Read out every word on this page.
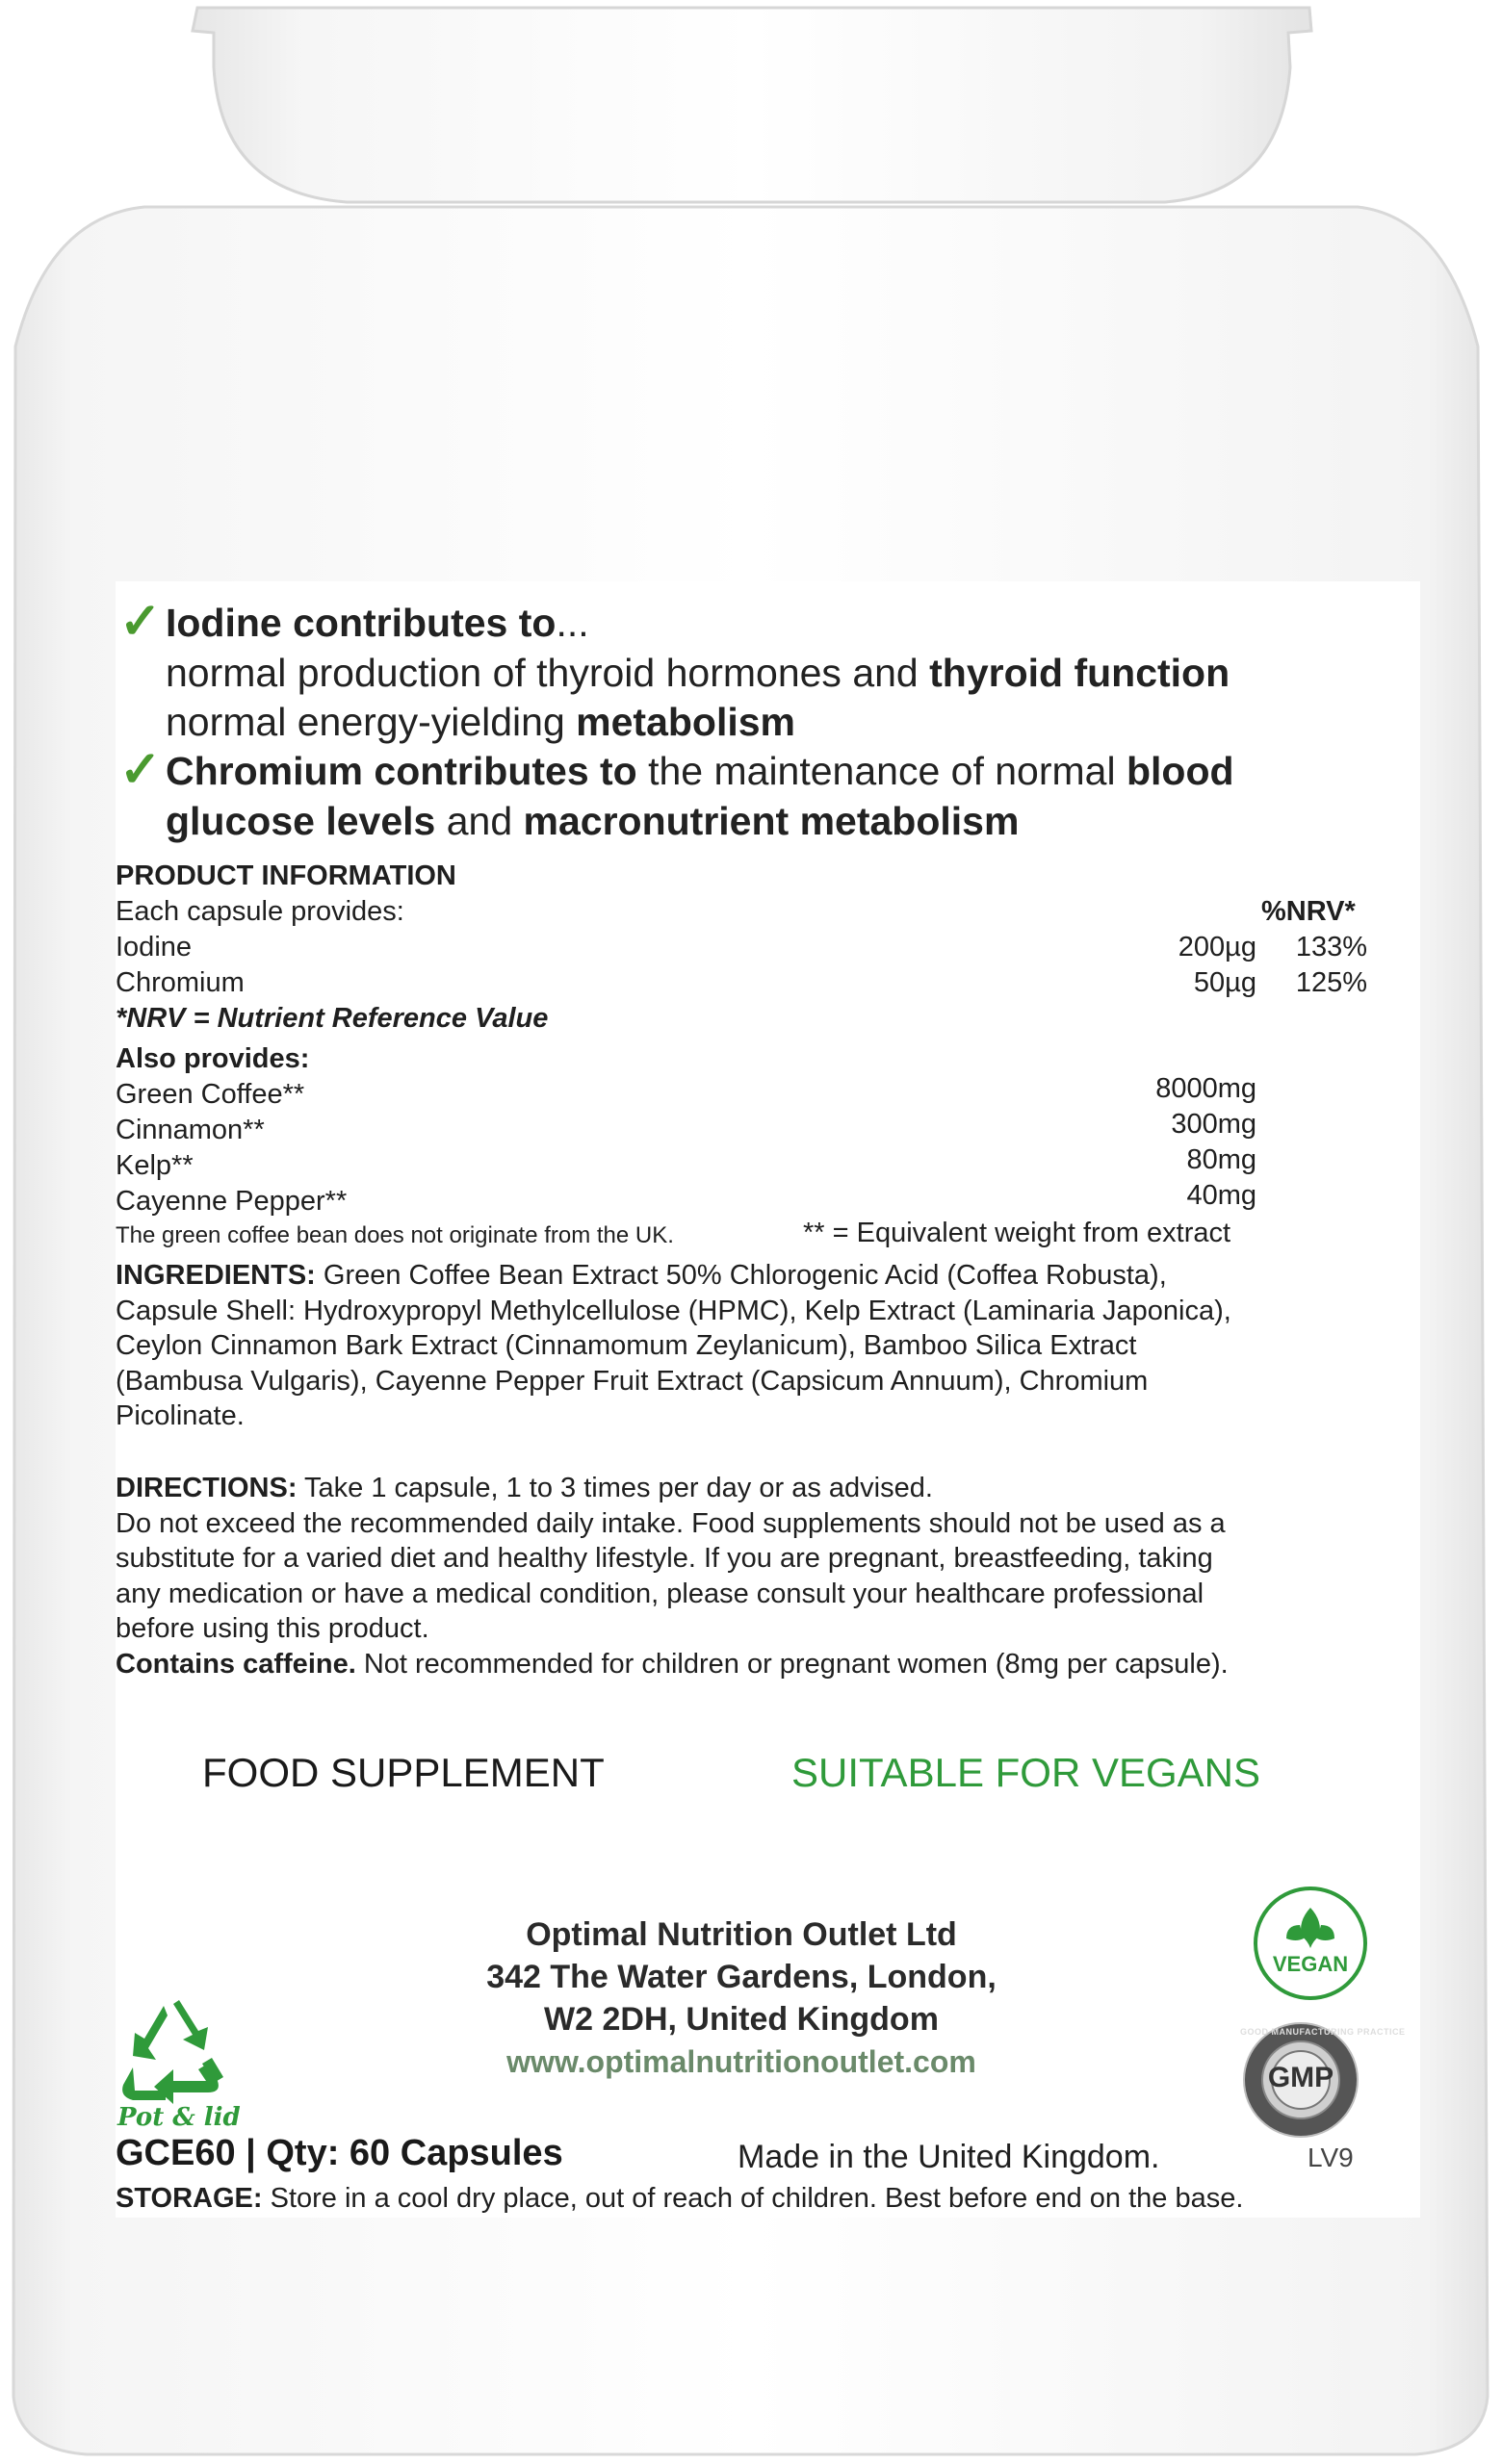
✓ Iodine contributes to...
normal production of thyroid hormones and thyroid function
normal energy-yielding metabolism
✓ Chromium contributes to the maintenance of normal blood
glucose levels and macronutrient metabolism
PRODUCT INFORMATION
Each capsule provides:	%NRV*
Iodine	200µg	133%
Chromium	50µg	125%
*NRV = Nutrient Reference Value
Also provides:
Green Coffee**	8000mg
Cinnamon**	300mg
Kelp**	80mg
Cayenne Pepper**	40mg
The green coffee bean does not originate from the UK.	** = Equivalent weight from extract
INGREDIENTS: Green Coffee Bean Extract 50% Chlorogenic Acid (Coffea Robusta),
Capsule Shell: Hydroxypropyl Methylcellulose (HPMC), Kelp Extract (Laminaria Japonica),
Ceylon Cinnamon Bark Extract (Cinnamomum Zeylanicum), Bamboo Silica Extract
(Bambusa Vulgaris), Cayenne Pepper Fruit Extract (Capsicum Annuum), Chromium
Picolinate.
DIRECTIONS: Take 1 capsule, 1 to 3 times per day or as advised.
Do not exceed the recommended daily intake. Food supplements should not be used as a
substitute for a varied diet and healthy lifestyle. If you are pregnant, breastfeeding, taking
any medication or have a medical condition, please consult your healthcare professional
before using this product.
Contains caffeine. Not recommended for children or pregnant women (8mg per capsule).
FOOD SUPPLEMENT	SUITABLE FOR VEGANS
Optimal Nutrition Outlet Ltd
342 The Water Gardens, London,
W2 2DH, United Kingdom
www.optimalnutritionoutlet.com
Pot & lid
VEGAN
GMP
GOOD MANUFACTURING PRACTICE
GCE60 | Qty: 60 Capsules	Made in the United Kingdom.	LV9
STORAGE: Store in a cool dry place, out of reach of children. Best before end on the base.
